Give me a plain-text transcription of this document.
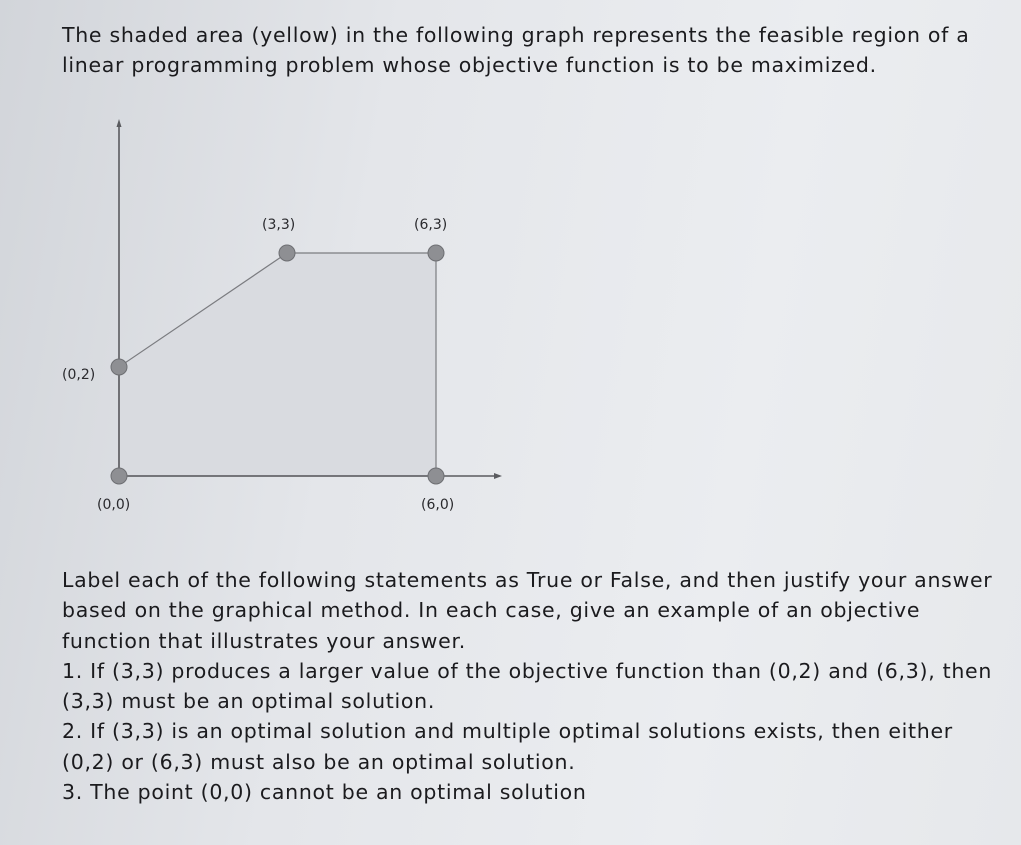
The shaded area (yellow) in the following graph represents the feasible region of a linear programming problem whose objective function is to be maximized.

(3,3)	(6,3)
(0,2)
(0,0)	(6,0)

Label each of the following statements as True or False, and then justify your answer based on the graphical method. In each case, give an example of an objective function that illustrates your answer.

1. If (3,3) produces a larger value of the objective function than (0,2) and (6,3), then (3,3) must be an optimal solution.

2. If (3,3) is an optimal solution and multiple optimal solutions exists, then either (0,2) or (6,3) must also be an optimal solution.

3. The point (0,0) cannot be an optimal solution
